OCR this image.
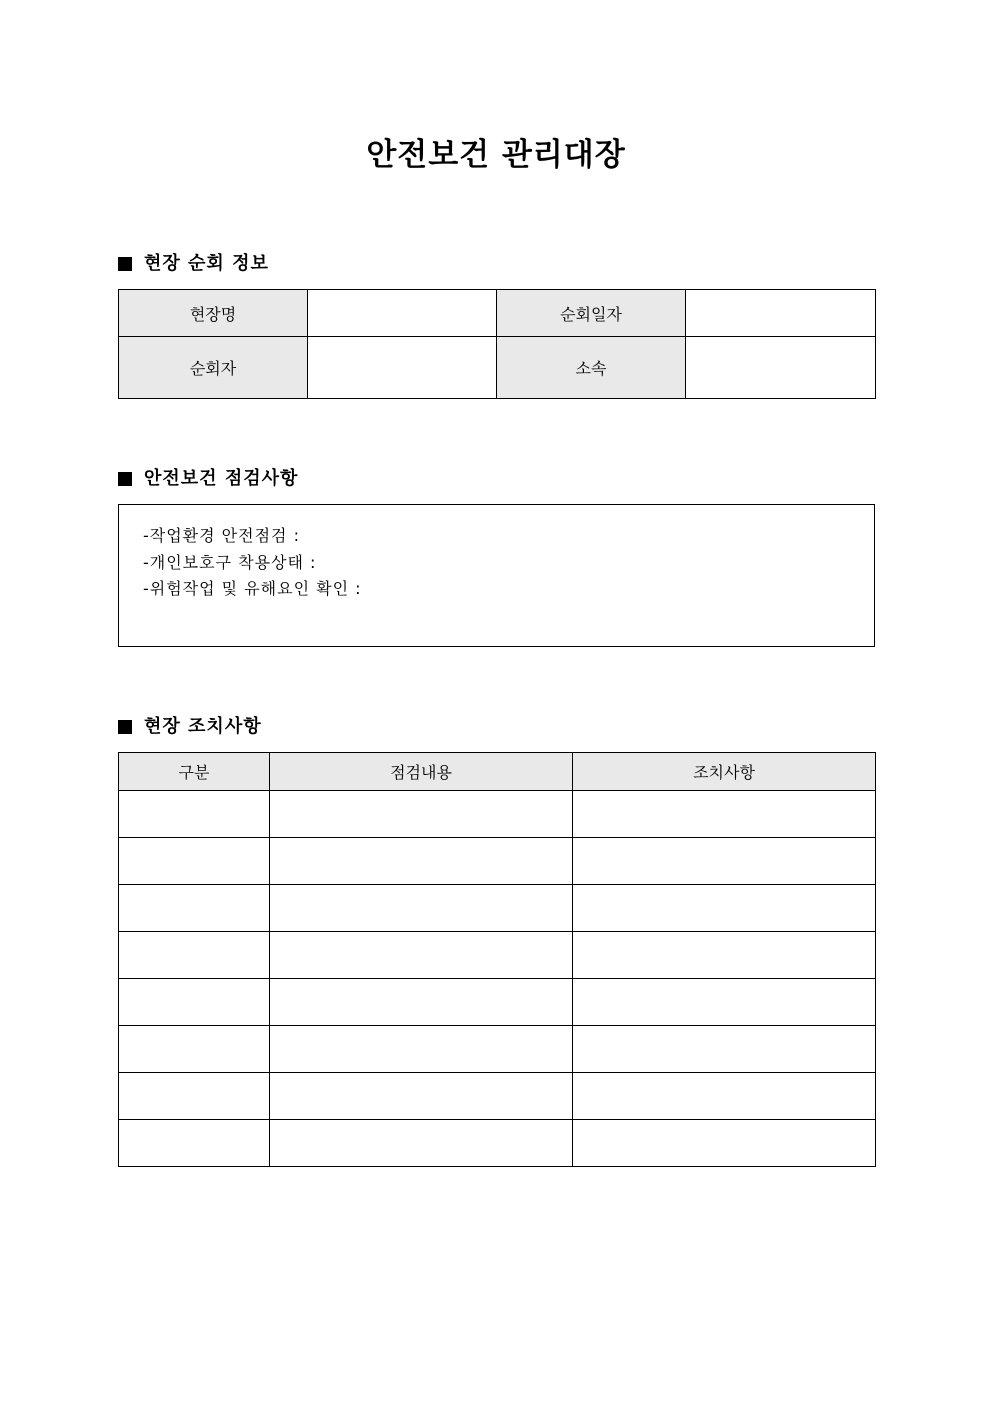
안전보건 관리대장
현장 순회 정보
현장명		순회일자	
순회자		소속	
안전보건 점검사항
-작업환경 안전점검 :
-개인보호구 착용상태 :
-위험작업 및 유해요인 확인 :
현장 조치사항
구분	점검내용	조치사항
